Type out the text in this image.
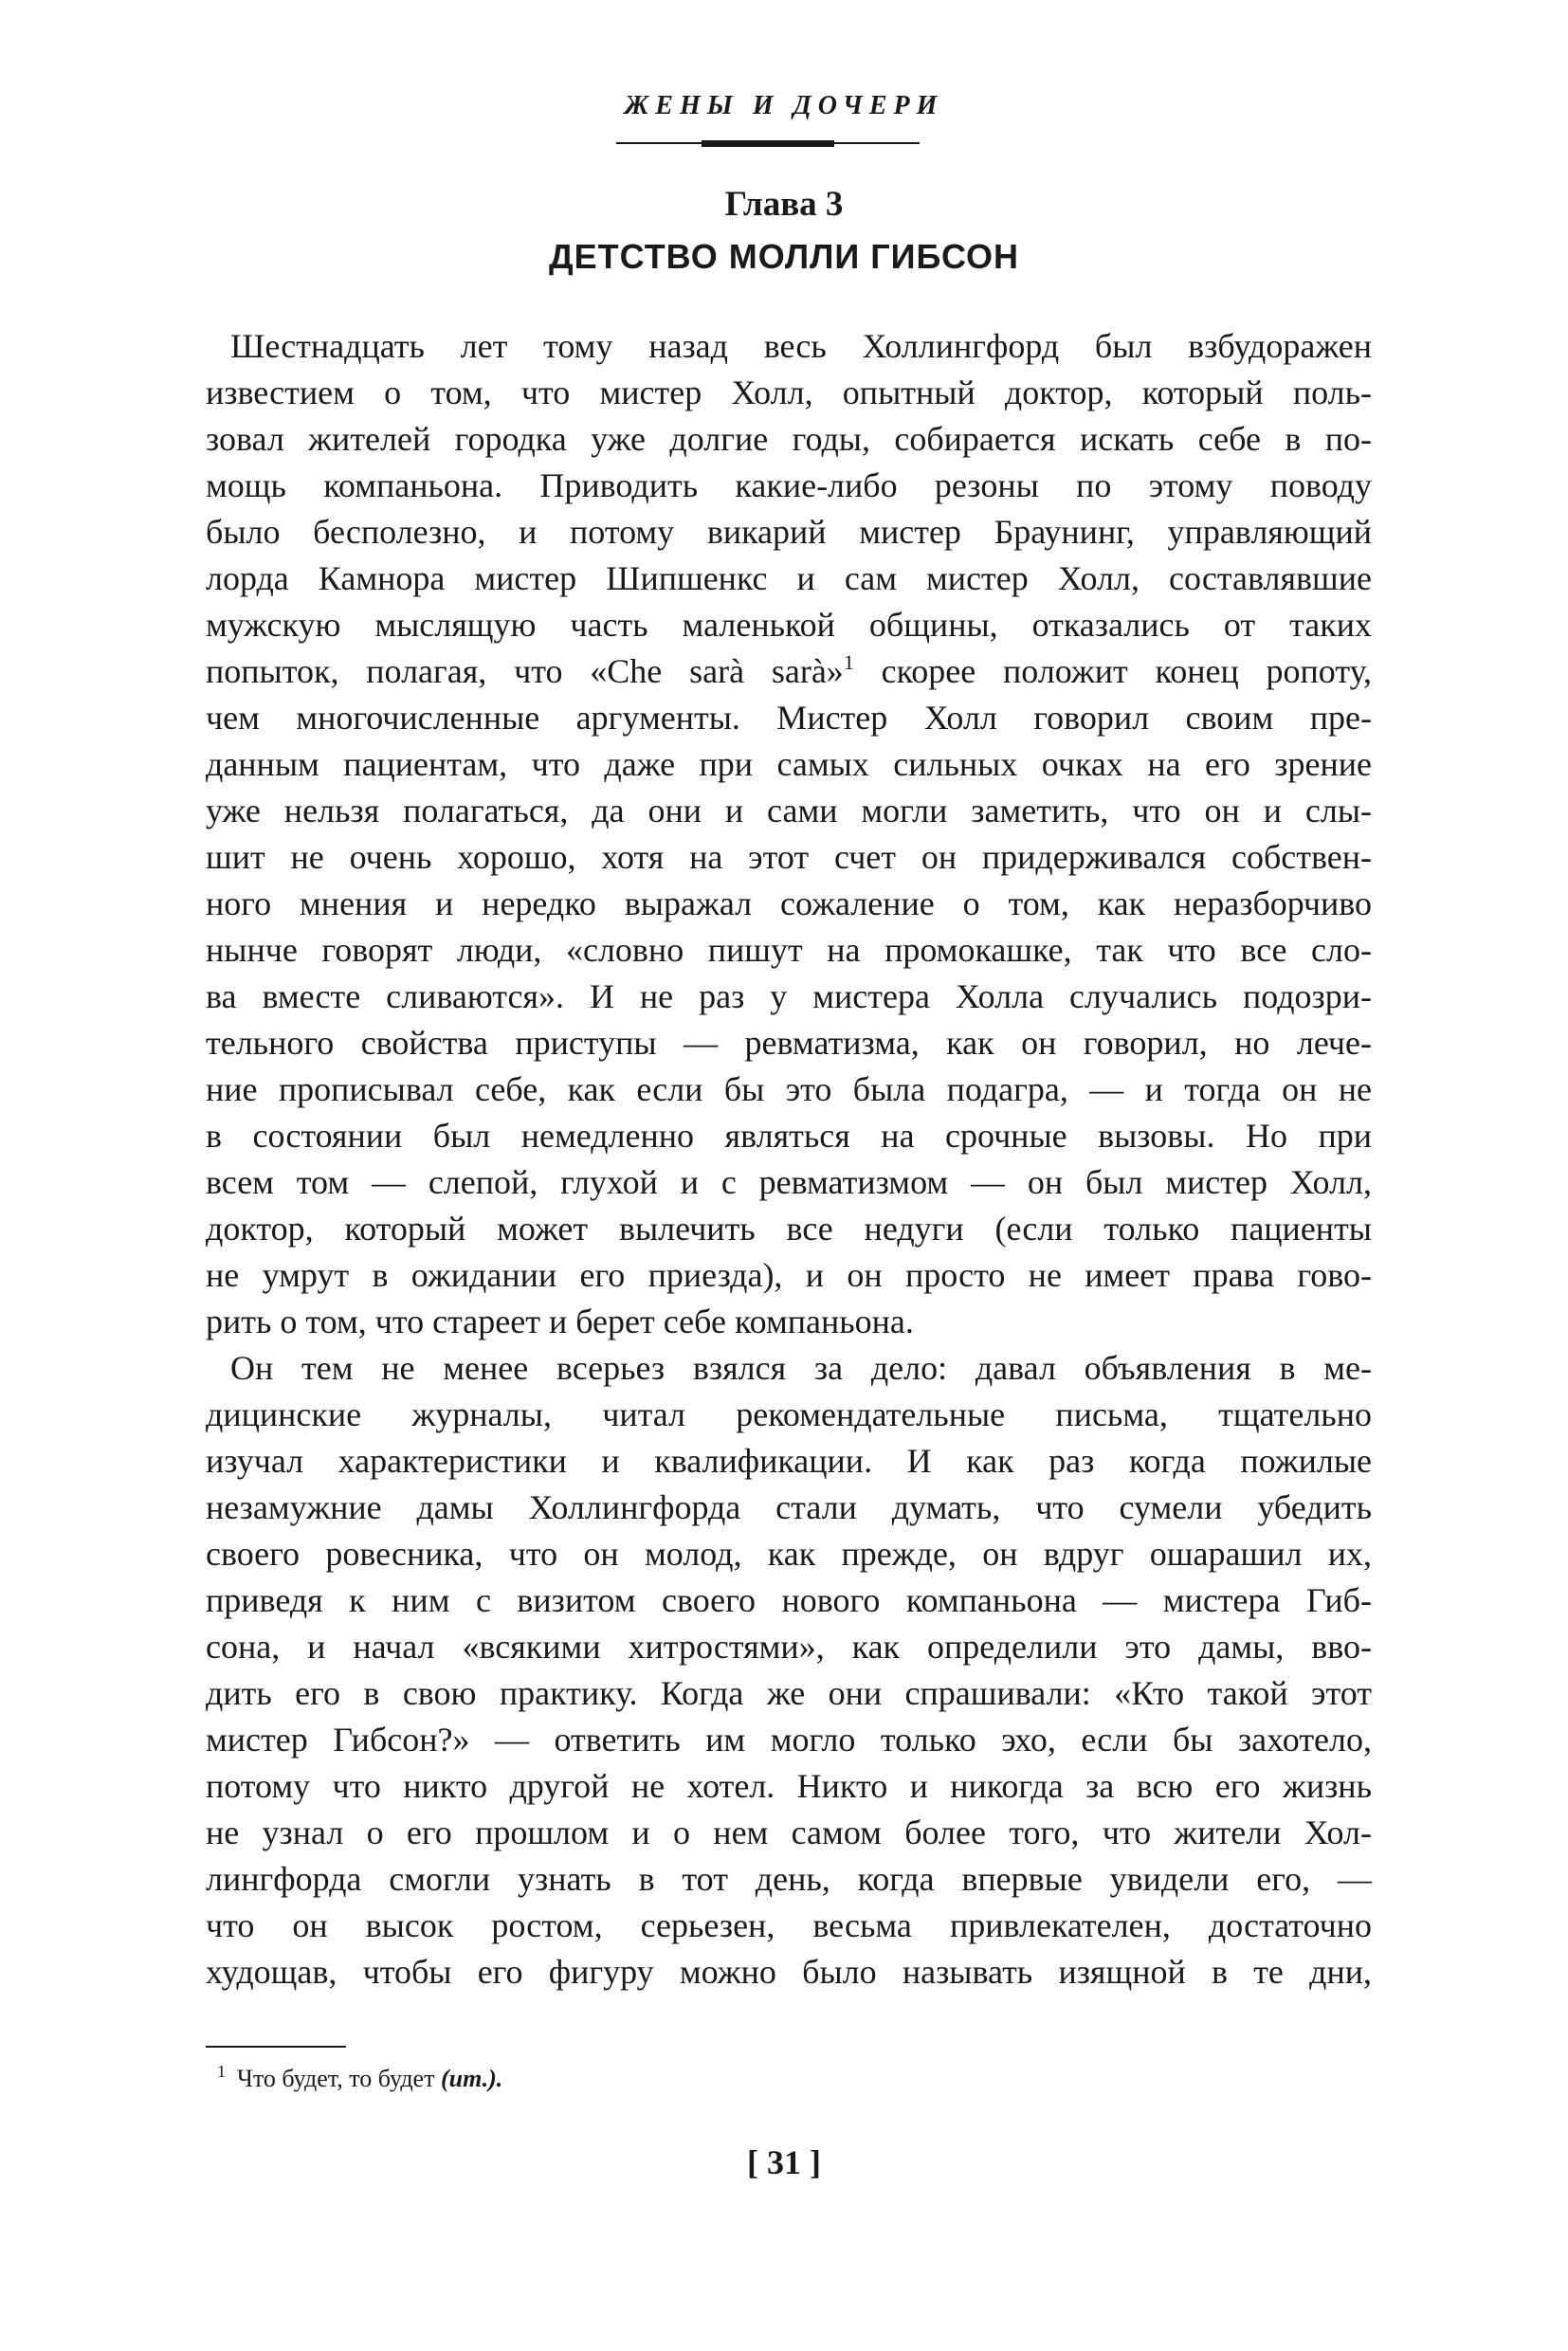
ЖЕНЫ И ДОЧЕРИ
Глава 3
ДЕТСТВО МОЛЛИ ГИБСОН
Шестнадцать лет тому назад весь Холлингфорд был взбудоражен
известием о том, что мистер Холл, опытный доктор, который поль-
зовал жителей городка уже долгие годы, собирается искать себе в по-
мощь компаньона. Приводить какие-либо резоны по этому поводу
было бесполезно, и потому викарий мистер Браунинг, управляющий
лорда Камнора мистер Шипшенкс и сам мистер Холл, составлявшие
мужскую мыслящую часть маленькой общины, отказались от таких
попыток, полагая, что «Che sarà sarà»$^1$ скорее положит конец ропоту,
чем многочисленные аргументы. Мистер Холл говорил своим пре-
данным пациентам, что даже при самых сильных очках на его зрение
уже нельзя полагаться, да они и сами могли заметить, что он и слы-
шит не очень хорошо, хотя на этот счет он придерживался собствен-
ного мнения и нередко выражал сожаление о том, как неразборчиво
нынче говорят люди, «словно пишут на промокашке, так что все сло-
ва вместе сливаются». И не раз у мистера Холла случались подозри-
тельного свойства приступы — ревматизма, как он говорил, но лече-
ние прописывал себе, как если бы это была подагра, — и тогда он не
в состоянии был немедленно являться на срочные вызовы. Но при
всем том — слепой, глухой и с ревматизмом — он был мистер Холл,
доктор, который может вылечить все недуги (если только пациенты
не умрут в ожидании его приезда), и он просто не имеет права гово-
рить о том, что стареет и берет себе компаньона.
Он тем не менее всерьез взялся за дело: давал объявления в ме-
дицинские журналы, читал рекомендательные письма, тщательно
изучал характеристики и квалификации. И как раз когда пожилые
незамужние дамы Холлингфорда стали думать, что сумели убедить
своего ровесника, что он молод, как прежде, он вдруг ошарашил их,
приведя к ним с визитом своего нового компаньона — мистера Гиб-
сона, и начал «всякими хитростями», как определили это дамы, вво-
дить его в свою практику. Когда же они спрашивали: «Кто такой этот
мистер Гибсон?» — ответить им могло только эхо, если бы захотело,
потому что никто другой не хотел. Никто и никогда за всю его жизнь
не узнал о его прошлом и о нем самом более того, что жители Хол-
лингфорда смогли узнать в тот день, когда впервые увидели его, —
что он высок ростом, серьезен, весьма привлекателен, достаточно
худощав, чтобы его фигуру можно было называть изящной в те дни,
$^1$ Что будет, то будет (ит.).
[ 31 ]
